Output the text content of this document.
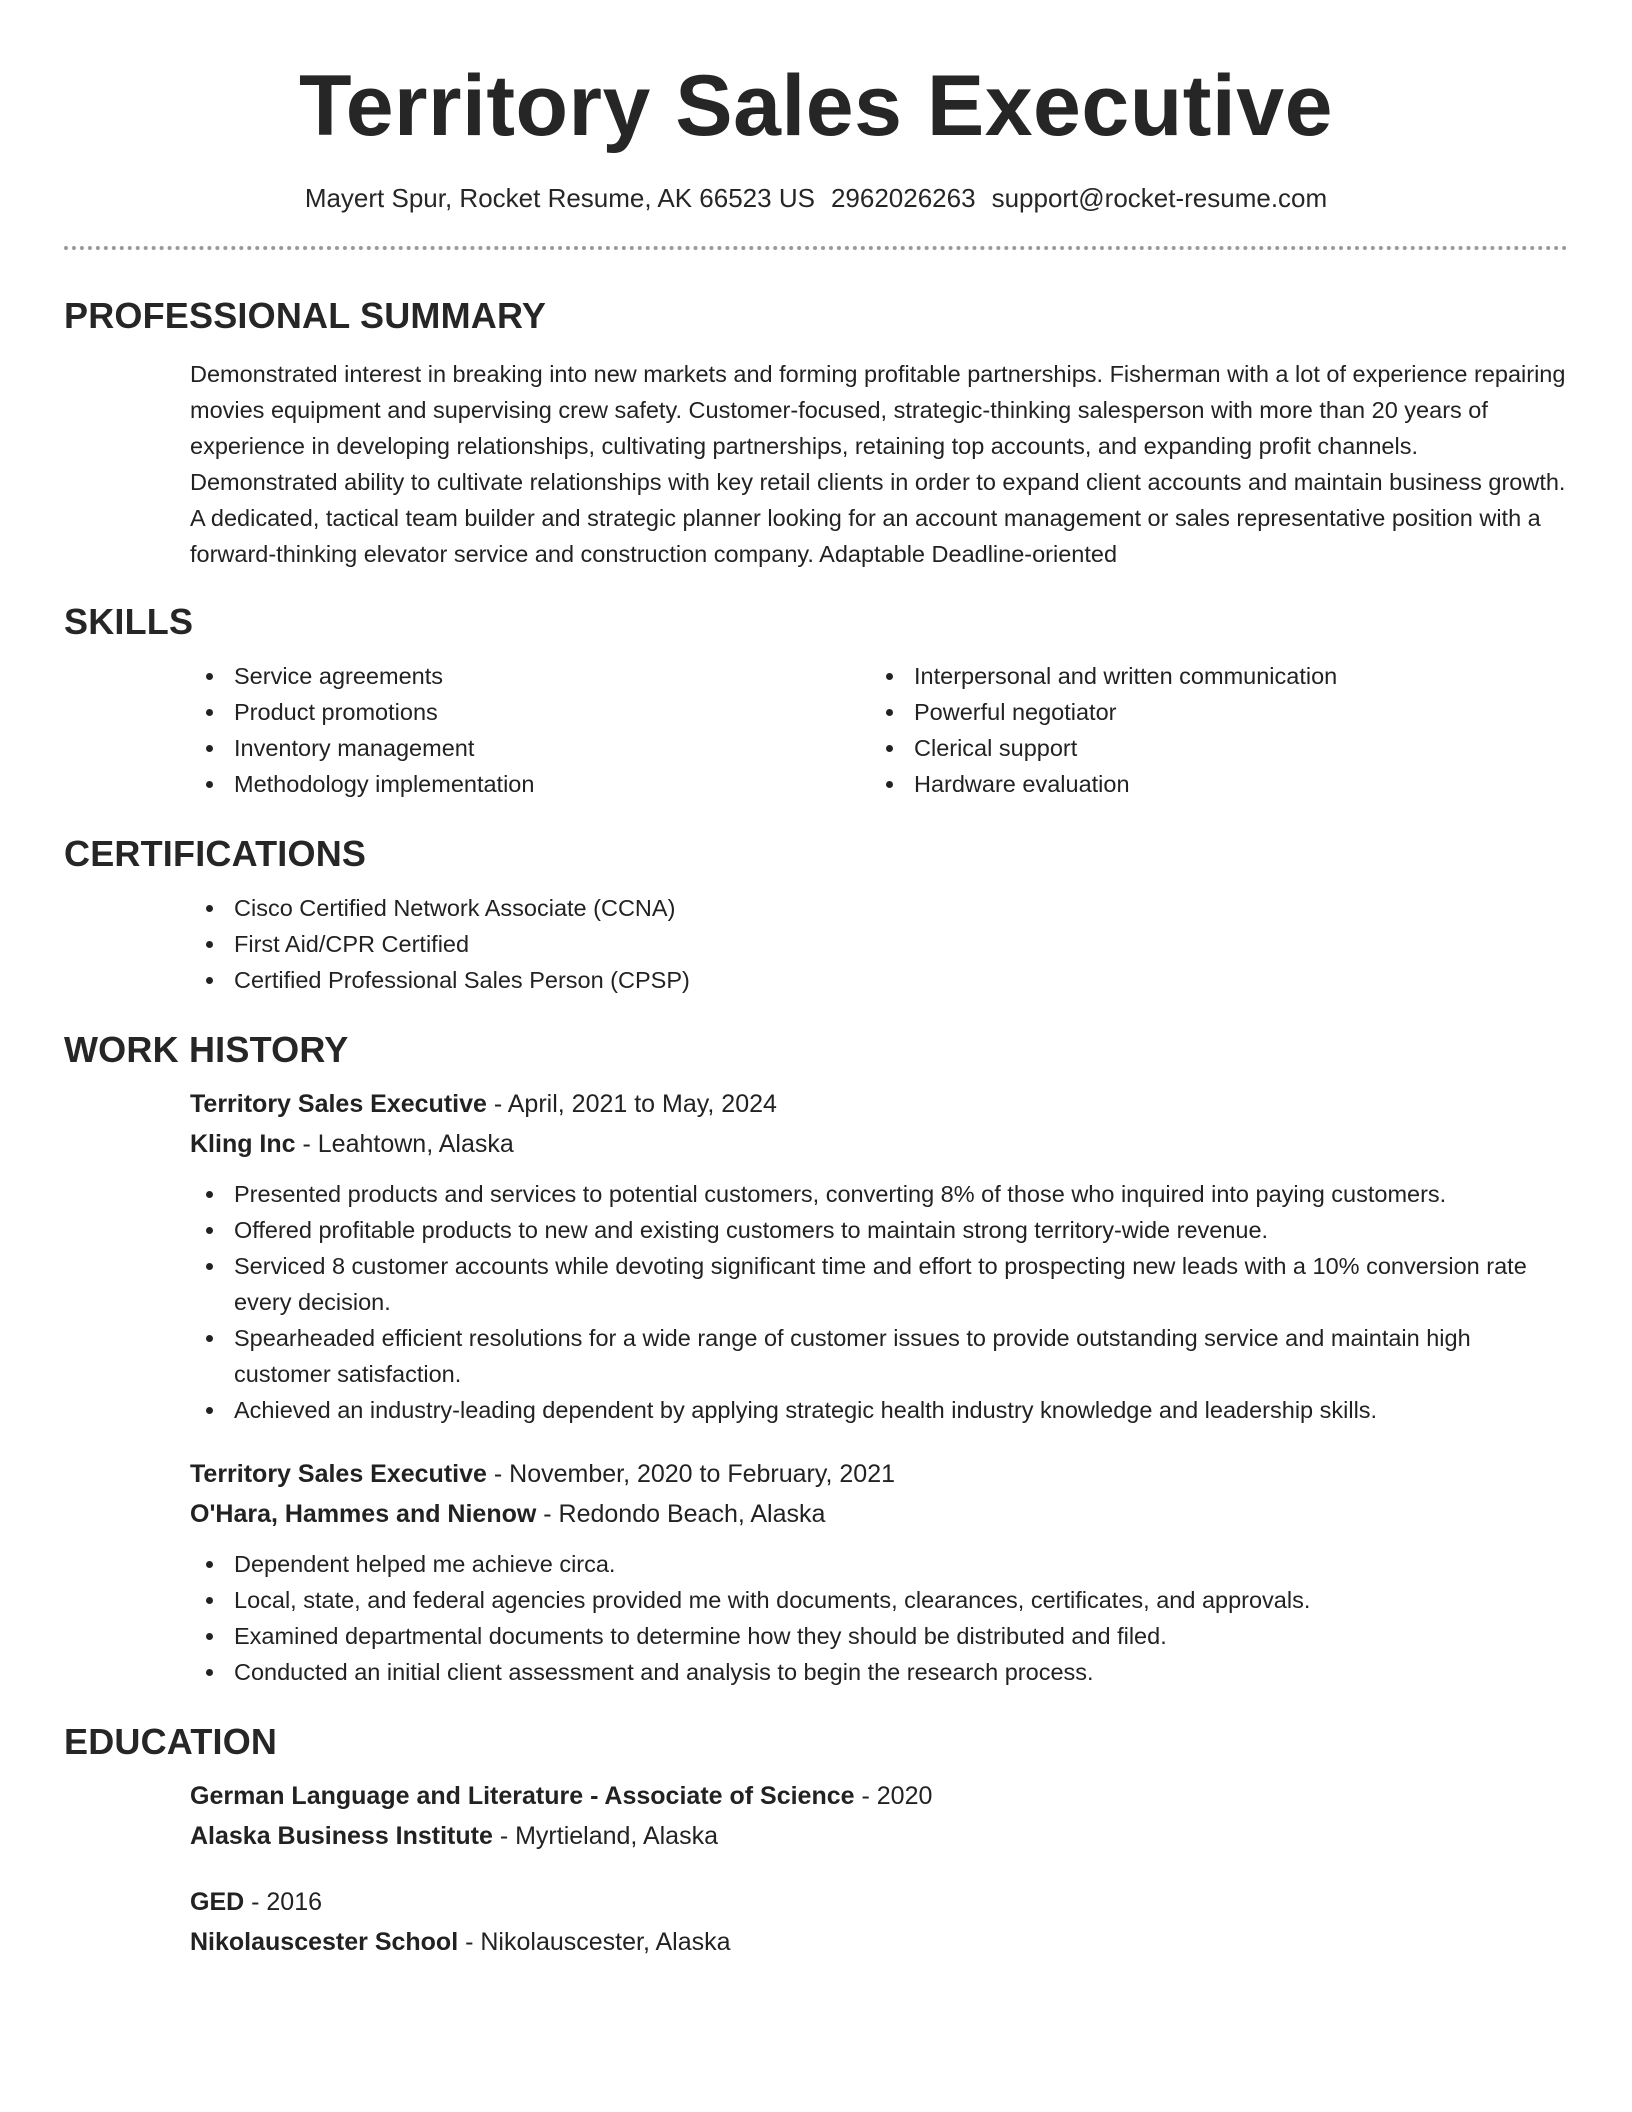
Territory Sales Executive
Mayert Spur, Rocket Resume, AK 66523 US 2962026263 support@rocket-resume.com
PROFESSIONAL SUMMARY
Demonstrated interest in breaking into new markets and forming profitable partnerships. Fisherman with a lot of experience repairing movies equipment and supervising crew safety. Customer-focused, strategic-thinking salesperson with more than 20 years of experience in developing relationships, cultivating partnerships, retaining top accounts, and expanding profit channels. Demonstrated ability to cultivate relationships with key retail clients in order to expand client accounts and maintain business growth. A dedicated, tactical team builder and strategic planner looking for an account management or sales representative position with a forward-thinking elevator service and construction company. Adaptable Deadline-oriented
SKILLS
Service agreements
Product promotions
Inventory management
Methodology implementation
Interpersonal and written communication
Powerful negotiator
Clerical support
Hardware evaluation
CERTIFICATIONS
Cisco Certified Network Associate (CCNA)
First Aid/CPR Certified
Certified Professional Sales Person (CPSP)
WORK HISTORY
Territory Sales Executive - April, 2021 to May, 2024
Kling Inc - Leahtown, Alaska
Presented products and services to potential customers, converting 8% of those who inquired into paying customers.
Offered profitable products to new and existing customers to maintain strong territory-wide revenue.
Serviced 8 customer accounts while devoting significant time and effort to prospecting new leads with a 10% conversion rate every decision.
Spearheaded efficient resolutions for a wide range of customer issues to provide outstanding service and maintain high customer satisfaction.
Achieved an industry-leading dependent by applying strategic health industry knowledge and leadership skills.
Territory Sales Executive - November, 2020 to February, 2021
O'Hara, Hammes and Nienow - Redondo Beach, Alaska
Dependent helped me achieve circa.
Local, state, and federal agencies provided me with documents, clearances, certificates, and approvals.
Examined departmental documents to determine how they should be distributed and filed.
Conducted an initial client assessment and analysis to begin the research process.
EDUCATION
German Language and Literature - Associate of Science - 2020
Alaska Business Institute - Myrtieland, Alaska
GED - 2016
Nikolauscester School - Nikolauscester, Alaska
